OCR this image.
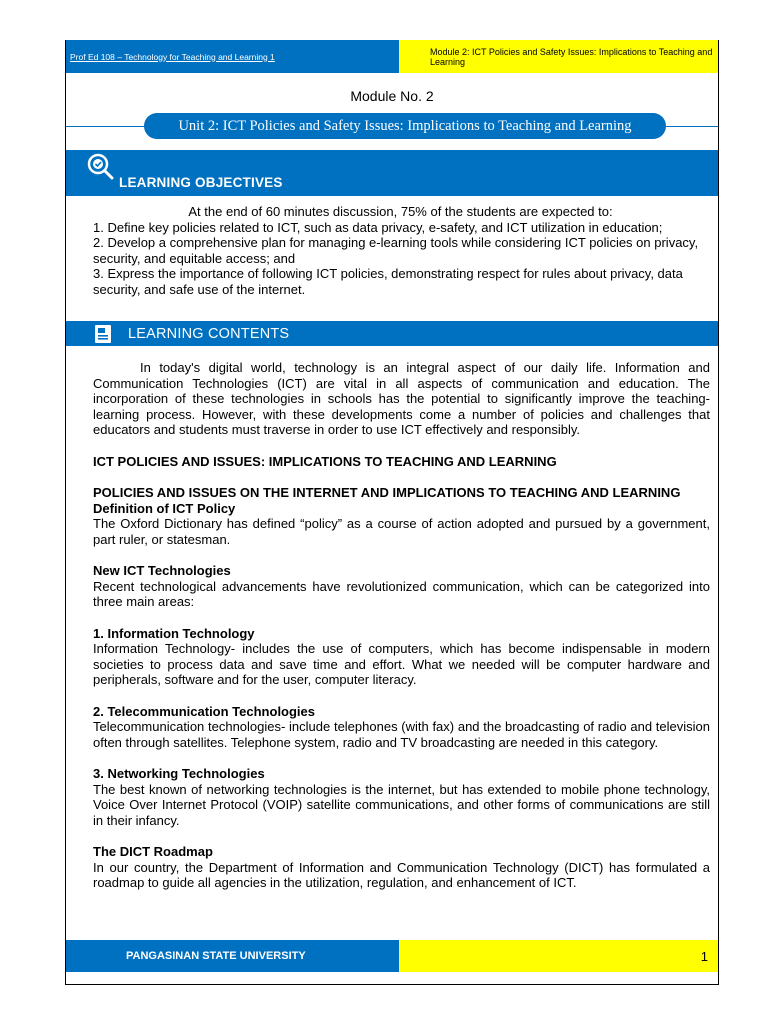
Prof Ed 108 – Technology for Teaching and Learning 1	Module 2: ICT Policies and Safety Issues: Implications to Teaching and Learning
Module No. 2
Unit 2: ICT Policies and Safety Issues: Implications to Teaching and Learning
LEARNING OBJECTIVES

At the end of 60 minutes discussion, 75% of the students are expected to:

1. Define key policies related to ICT, such as data privacy, e-safety, and ICT utilization in education;

2. Develop a comprehensive plan for managing e-learning tools while considering ICT policies on privacy, security, and equitable access; and

3. Express the importance of following ICT policies, demonstrating respect for rules about privacy, data security, and safe use of the internet.

LEARNING CONTENTS

In today's digital world, technology is an integral aspect of our daily life. Information and Communication Technologies (ICT) are vital in all aspects of communication and education. The incorporation of these technologies in schools has the potential to significantly improve the teaching-learning process. However, with these developments come a number of policies and challenges that educators and students must traverse in order to use ICT effectively and responsibly.

ICT POLICIES AND ISSUES: IMPLICATIONS TO TEACHING AND LEARNING

POLICIES AND ISSUES ON THE INTERNET AND IMPLICATIONS TO TEACHING AND LEARNING

Definition of ICT Policy

The Oxford Dictionary has defined “policy” as a course of action adopted and pursued by a government, part ruler, or statesman.

New ICT Technologies

Recent technological advancements have revolutionized communication, which can be categorized into three main areas:

1. Information Technology

Information Technology- includes the use of computers, which has become indispensable in modern societies to process data and save time and effort. What we needed will be computer hardware and peripherals, software and for the user, computer literacy.

2. Telecommunication Technologies

Telecommunication technologies- include telephones (with fax) and the broadcasting of radio and television often through satellites. Telephone system, radio and TV broadcasting are needed in this category.

3. Networking Technologies

The best known of networking technologies is the internet, but has extended to mobile phone technology, Voice Over Internet Protocol (VOIP) satellite communications, and other forms of communications are still in their infancy.

The DICT Roadmap

In our country, the Department of Information and Communication Technology (DICT) has formulated a roadmap to guide all agencies in the utilization, regulation, and enhancement of ICT.

PANGASINAN STATE UNIVERSITY	1
